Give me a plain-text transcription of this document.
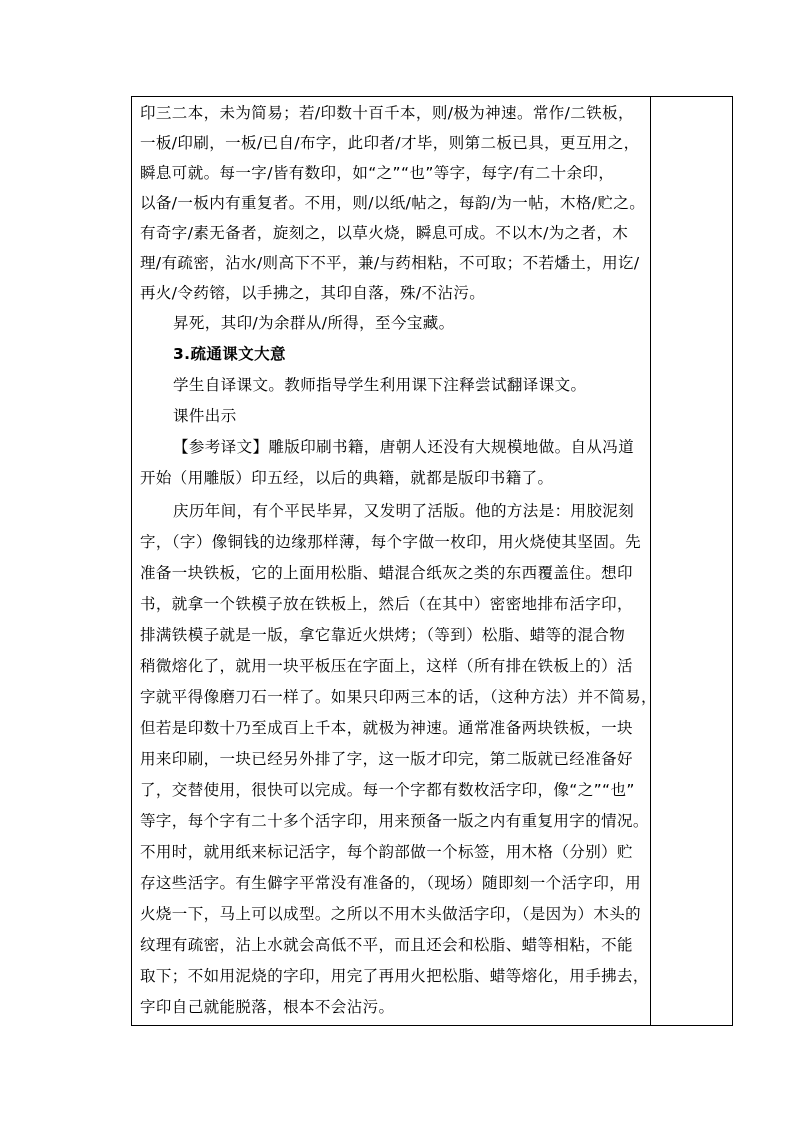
印三二本，未为简易；若/印数十百千本，则/极为神速。常作/二铁板，
一板/印刷，一板/已自/布字，此印者/才毕，则第二板已具，更互用之，
瞬息可就。每一字/皆有数印，如“之”“也”等字，每字/有二十余印，
以备/一板内有重复者。不用，则/以纸/帖之，每韵/为一帖，木格/贮之。
有奇字/素无备者，旋刻之，以草火烧，瞬息可成。不以木/为之者，木
理/有疏密，沾水/则高下不平，兼/与药相粘，不可取；不若燔土，用讫/
再火/令药镕，以手拂之，其印自落，殊/不沾污。
昇死，其印/为余群从/所得，至今宝藏。
3.疏通课文大意
学生自译课文。教师指导学生利用课下注释尝试翻译课文。
课件出示
【参考译文】雕版印刷书籍，唐朝人还没有大规模地做。自从冯道
开始（用雕版）印五经，以后的典籍，就都是版印书籍了。
庆历年间，有个平民毕昇，又发明了活版。他的方法是：用胶泥刻
字，（字）像铜钱的边缘那样薄，每个字做一枚印，用火烧使其坚固。先
准备一块铁板，它的上面用松脂、蜡混合纸灰之类的东西覆盖住。想印
书，就拿一个铁模子放在铁板上，然后（在其中）密密地排布活字印，
排满铁模子就是一版，拿它靠近火烘烤；（等到）松脂、蜡等的混合物
稍微熔化了，就用一块平板压在字面上，这样（所有排在铁板上的）活
字就平得像磨刀石一样了。如果只印两三本的话，（这种方法）并不简易，
但若是印数十乃至成百上千本，就极为神速。通常准备两块铁板，一块
用来印刷，一块已经另外排了字，这一版才印完，第二版就已经准备好
了，交替使用，很快可以完成。每一个字都有数枚活字印，像“之”“也”
等字，每个字有二十多个活字印，用来预备一版之内有重复用字的情况。
不用时，就用纸来标记活字，每个韵部做一个标签，用木格（分别）贮
存这些活字。有生僻字平常没有准备的，（现场）随即刻一个活字印，用
火烧一下，马上可以成型。之所以不用木头做活字印，（是因为）木头的
纹理有疏密，沾上水就会高低不平，而且还会和松脂、蜡等相粘，不能
取下；不如用泥烧的字印，用完了再用火把松脂、蜡等熔化，用手拂去，
字印自己就能脱落，根本不会沾污。
